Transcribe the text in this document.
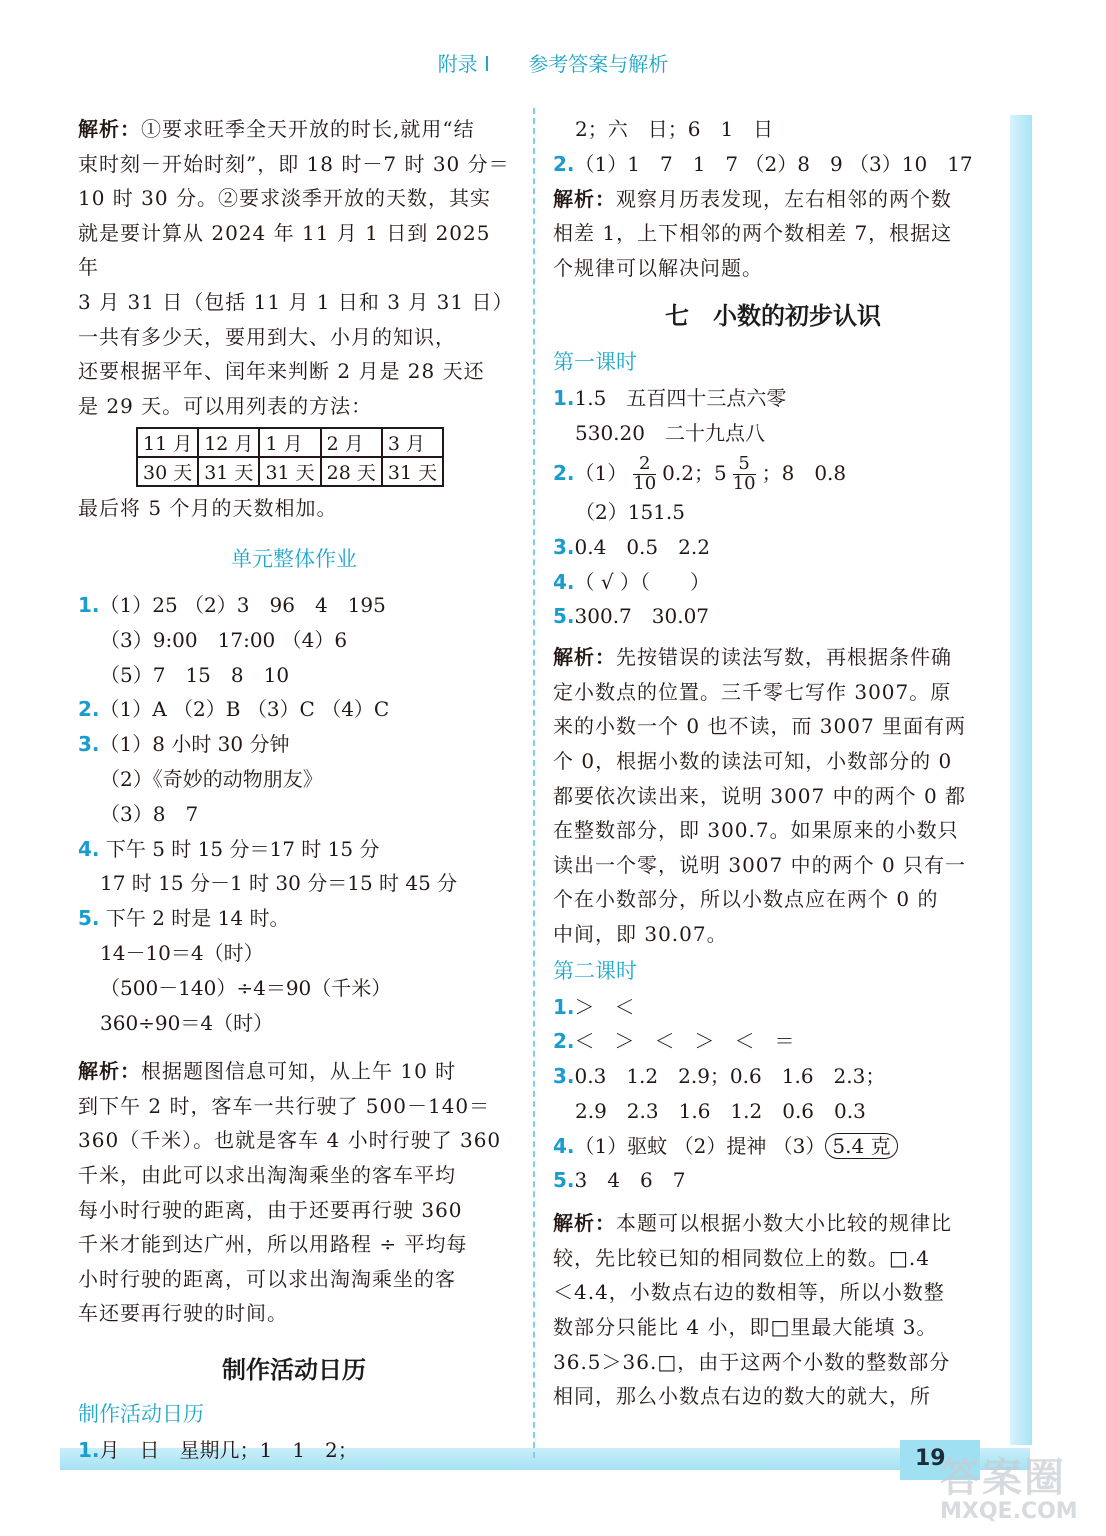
附录 I 参考答案与解析

解析：①要求旺季全天开放的时长,就用“结

束时刻－开始时刻”，即 18 时－7 时 30 分＝

10 时 30 分。②要求淡季开放的天数，其实

就是要计算从 2024 年 11 月 1 日到 2025 年

3 月 31 日（包括 11 月 1 日和 3 月 31 日）

一共有多少天，要用到大、小月的知识，

还要根据平年、闰年来判断 2 月是 28 天还

是 29 天。可以用列表的方法：

11 月	12 月	1 月	2 月	3 月
30 天	31 天	31 天	28 天	31 天

最后将 5 个月的天数相加。

单元整体作业

1.（1）25 （2）3　96　4　195

（3）9:00　17:00 （4）6

（5）7　15　8　10

2.（1）A （2）B （3）C （4）C

3.（1）8 小时 30 分钟

（2）《奇妙的动物朋友》

（3）8　7

4. 下午 5 时 15 分＝17 时 15 分

17 时 15 分－1 时 30 分＝15 时 45 分

5. 下午 2 时是 14 时。

14－10＝4（时）

（500－140）÷4＝90（千米）

360÷90＝4（时）

解析：根据题图信息可知，从上午 10 时

到下午 2 时，客车一共行驶了 500－140＝

360（千米）。也就是客车 4 小时行驶了 360

千米，由此可以求出淘淘乘坐的客车平均

每小时行驶的距离，由于还要再行驶 360

千米才能到达广州，所以用路程 ÷ 平均每

小时行驶的距离，可以求出淘淘乘坐的客

车还要再行驶的时间。

制作活动日历

制作活动日历

1.月　日　星期几；1　1　2；

2；六　日；6　1　日

2.（1）1　7　1　7 （2）8　9 （3）10　17

解析：观察月历表发现，左右相邻的两个数

相差 1，上下相邻的两个数相差 7，根据这

个规律可以解决问题。

七　小数的初步认识

第一课时

1.1.5　五百四十三点六零

530.20　二十九点八

$2.(1) \frac{2}{10} 0.2$；$5 \frac{5}{10}$ ；8　0.8

（2）151.5

3.0.4　0.5　2.2

4.（ √ ）（　　）

5.300.7　30.07

解析：先按错误的读法写数，再根据条件确

定小数点的位置。三千零七写作 3007。原

来的小数一个 0 也不读，而 3007 里面有两

个 0，根据小数的读法可知，小数部分的 0

都要依次读出来，说明 3007 中的两个 0 都

在整数部分，即 300.7。如果原来的小数只

读出一个零，说明 3007 中的两个 0 只有一

个在小数部分，所以小数点应在两个 0 的

中间，即 30.07。

第二课时

1.＞　＜

2.＜　＞　＜　＞　＜　＝

3.0.3　1.2　2.9；0.6　1.6　2.3；

2.9　2.3　1.6　1.2　0.6　0.3

4.（1）驱蚊 （2）提神 （3） 5.4 克

5.3　4　6　7

解析：本题可以根据小数大小比较的规律比

较，先比较已知的相同数位上的数。□.4

＜4.4，小数点右边的数相等，所以小数整

数部分只能比 4 小，即□里最大能填 3。

36.5＞36.□，由于这两个小数的整数部分

相同，那么小数点右边的数大的就大，所

19
答案圈
MXQE.COM
